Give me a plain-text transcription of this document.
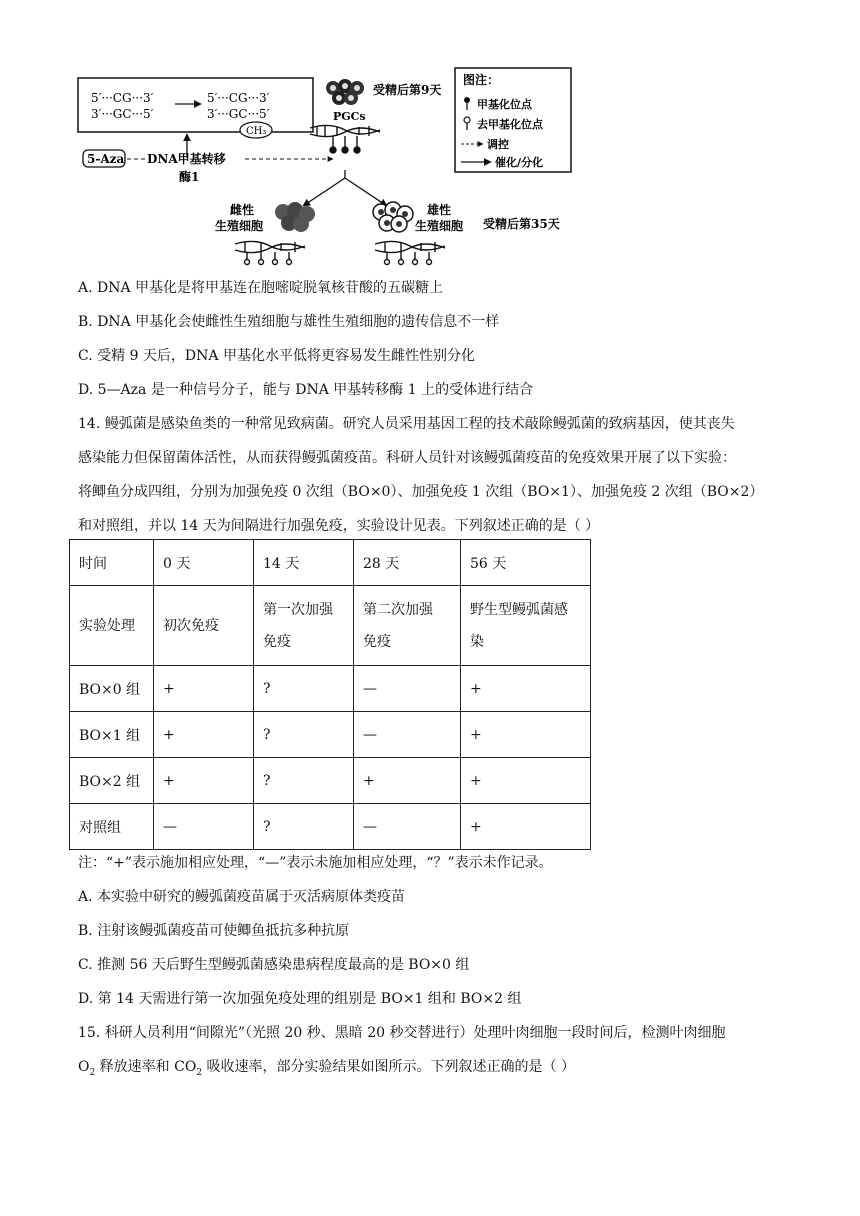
5′···CG···3′
3′···GC···5′
5′···CG···3′
3′···GC···5′
CH₃
5-Aza DNA甲基转移
酶1
受精后第9天
PGCs
雌性
生殖细胞
雄性
生殖细胞 受精后第35天
图注：
甲基化位点
去甲基化位点
调控
催化/分化
A. DNA 甲基化是将甲基连在胞嘧啶脱氧核苷酸的五碳糖上
B. DNA 甲基化会使雌性生殖细胞与雄性生殖细胞的遗传信息不一样
C. 受精 9 天后，DNA 甲基化水平低将更容易发生雌性性别分化
D. 5—Aza 是一种信号分子，能与 DNA 甲基转移酶 1 上的受体进行结合
14. 鳗弧菌是感染鱼类的一种常见致病菌。研究人员采用基因工程的技术敲除鳗弧菌的致病基因，使其丧失
感染能力但保留菌体活性，从而获得鳗弧菌疫苗。科研人员针对该鳗弧菌疫苗的免疫效果开展了以下实验：
将鲫鱼分成四组，分别为加强免疫 0 次组（BO×0）、加强免疫 1 次组（BO×1）、加强免疫 2 次组（BO×2）
和对照组，并以 14 天为间隔进行加强免疫，实验设计见表。下列叙述正确的是（ ）
时间	0 天	14 天	28 天	56 天
实验处理	初次免疫	第一次加强免疫	第二次加强免疫	野生型鳗弧菌感染
BO×0 组	+	?	—	+
BO×1 组	+	?	—	+
BO×2 组	+	?	+	+
对照组	—	?	—	+
注：“+”表示施加相应处理，“—”表示未施加相应处理，“？”表示未作记录。
A. 本实验中研究的鳗弧菌疫苗属于灭活病原体类疫苗
B. 注射该鳗弧菌疫苗可使鲫鱼抵抗多种抗原
C. 推测 56 天后野生型鳗弧菌感染患病程度最高的是 BO×0 组
D. 第 14 天需进行第一次加强免疫处理的组别是 BO×1 组和 BO×2 组
15. 科研人员利用“间隙光”（光照 20 秒、黑暗 20 秒交替进行）处理叶肉细胞一段时间后，检测叶肉细胞
$O_2$ 释放速率和 $CO_2$ 吸收速率，部分实验结果如图所示。下列叙述正确的是（ ）
